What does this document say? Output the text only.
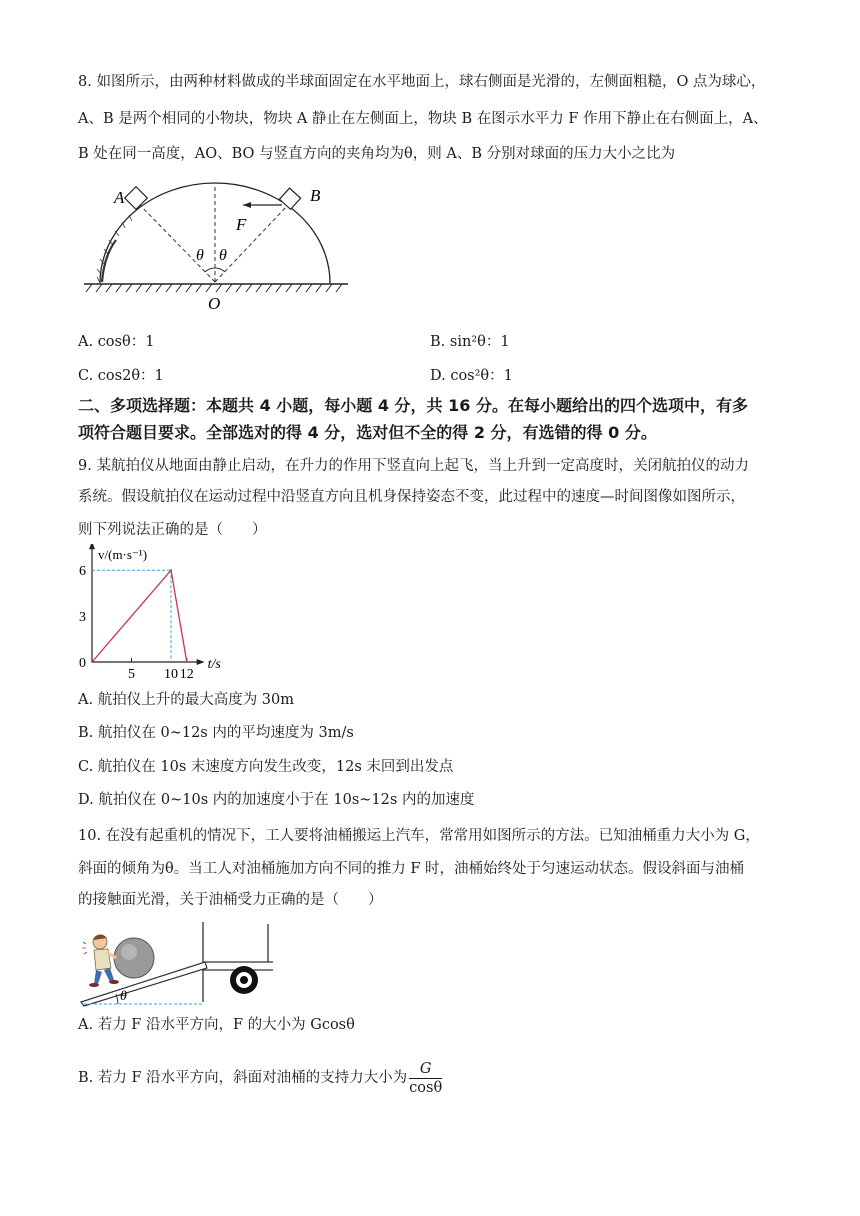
8. 如图所示，由两种材料做成的半球面固定在水平地面上，球右侧面是光滑的，左侧面粗糙，O 点为球心，
A、B 是两个相同的小物块，物块 A 静止在左侧面上，物块 B 在图示水平力 F 作用下静止在右侧面上，A、
B 处在同一高度，AO、BO 与竖直方向的夹角均为θ，则 A、B 分别对球面的压力大小之比为
A	B
F
θ θ
O
A. cosθ：1	B. sin²θ：1
C. cos2θ：1	D. cos²θ：1
二、多项选择题：本题共 4 小题，每小题 4 分，共 16 分。在每小题给出的四个选项中，有多
项符合题目要求。全部选对的得 4 分，选对但不全的得 2 分，有选错的得 0 分。
9. 某航拍仪从地面由静止启动，在升力的作用下竖直向上起飞，当上升到一定高度时，关闭航拍仪的动力
系统。假设航拍仪在运动过程中沿竖直方向且机身保持姿态不变，此过程中的速度—时间图像如图所示，
则下列说法正确的是（　　）
5 10 12
3
6
0
v/(m·s⁻¹)
t/s
A. 航拍仪上升的最大高度为 30m
B. 航拍仪在 0~12s 内的平均速度为 3m/s
C. 航拍仪在 10s 末速度方向发生改变，12s 末回到出发点
D. 航拍仪在 0~10s 内的加速度小于在 10s~12s 内的加速度
10. 在没有起重机的情况下，工人要将油桶搬运上汽车，常常用如图所示的方法。已知油桶重力大小为 G，
斜面的倾角为θ。当工人对油桶施加方向不同的推力 F 时，油桶始终处于匀速运动状态。假设斜面与油桶
的接触面光滑，关于油桶受力正确的是（　　）
θ
A. 若力 F 沿水平方向，F 的大小为 Gcosθ
B. 若力 F 沿水平方向，斜面对油桶的支持力大小为 $\frac{G}{\cos\theta}$
